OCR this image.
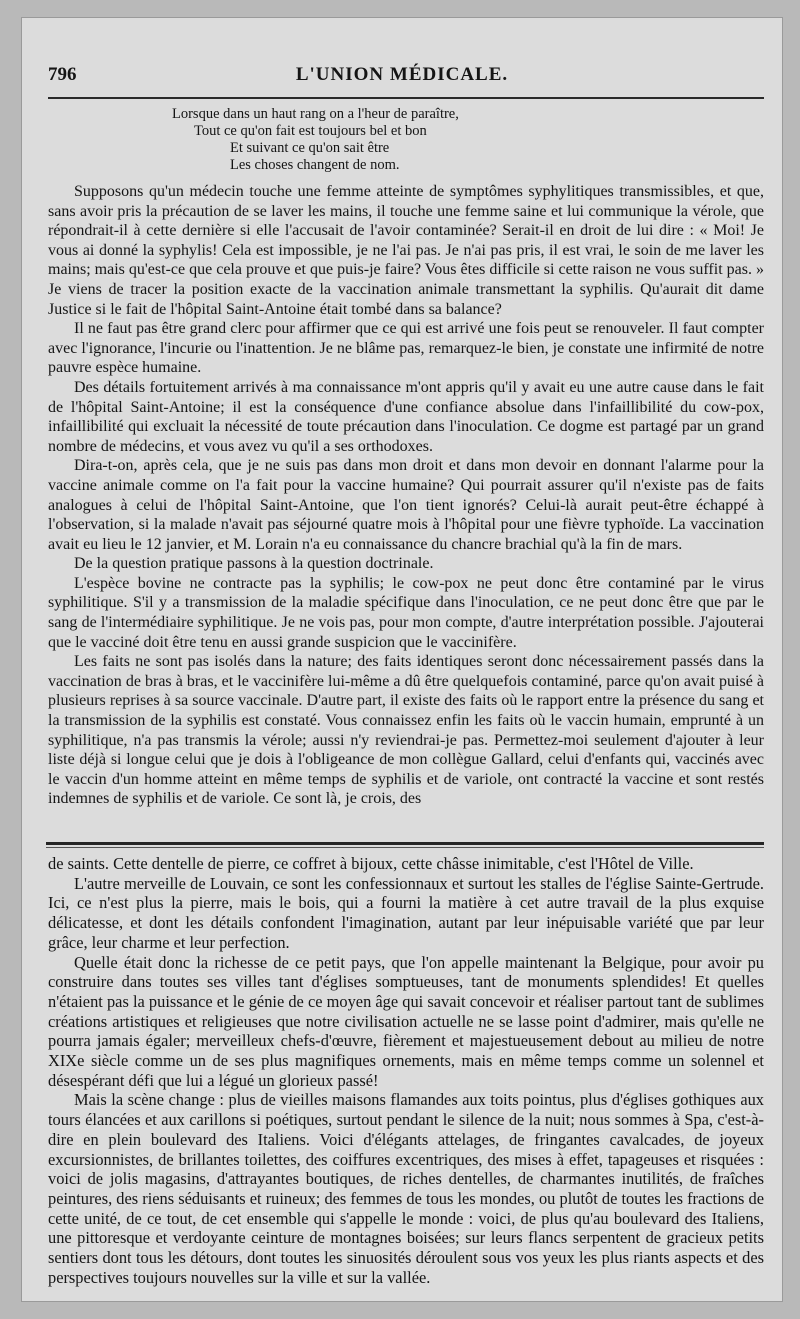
796	L'UNION MÉDICALE.
Lorsque dans un haut rang on a l'heur de paraître,
Tout ce qu'on fait est toujours bel et bon
Et suivant ce qu'on sait être
Les choses changent de nom.

Supposons qu'un médecin touche une femme atteinte de symptômes syphylitiques transmissibles, et que, sans avoir pris la précaution de se laver les mains, il touche une femme saine et lui communique la vérole, que répondrait-il à cette dernière si elle l'accusait de l'avoir contaminée? Serait-il en droit de lui dire : « Moi! Je vous ai donné la syphylis! Cela est impossible, je ne l'ai pas. Je n'ai pas pris, il est vrai, le soin de me laver les mains; mais qu'est-ce que cela prouve et que puis-je faire? Vous êtes difficile si cette raison ne vous suffit pas. » Je viens de tracer la position exacte de la vaccination animale transmettant la syphilis. Qu'aurait dit dame Justice si le fait de l'hôpital Saint-Antoine était tombé dans sa balance?

Il ne faut pas être grand clerc pour affirmer que ce qui est arrivé une fois peut se renouveler. Il faut compter avec l'ignorance, l'incurie ou l'inattention. Je ne blâme pas, remarquez-le bien, je constate une infirmité de notre pauvre espèce humaine.

Des détails fortuitement arrivés à ma connaissance m'ont appris qu'il y avait eu une autre cause dans le fait de l'hôpital Saint-Antoine; il est la conséquence d'une confiance absolue dans l'infaillibilité du cow-pox, infaillibilité qui excluait la nécessité de toute précaution dans l'inoculation. Ce dogme est partagé par un grand nombre de médecins, et vous avez vu qu'il a ses orthodoxes.

Dira-t-on, après cela, que je ne suis pas dans mon droit et dans mon devoir en donnant l'alarme pour la vaccine animale comme on l'a fait pour la vaccine humaine? Qui pourrait assurer qu'il n'existe pas de faits analogues à celui de l'hôpital Saint-Antoine, que l'on tient ignorés? Celui-là aurait peut-être échappé à l'observation, si la malade n'avait pas séjourné quatre mois à l'hôpital pour une fièvre typhoïde. La vaccination avait eu lieu le 12 janvier, et M. Lorain n'a eu connaissance du chancre brachial qu'à la fin de mars.

De la question pratique passons à la question doctrinale.

L'espèce bovine ne contracte pas la syphilis; le cow-pox ne peut donc être contaminé par le virus syphilitique. S'il y a transmission de la maladie spécifique dans l'inoculation, ce ne peut donc être que par le sang de l'intermédiaire syphilitique. Je ne vois pas, pour mon compte, d'autre interprétation possible. J'ajouterai que le vacciné doit être tenu en aussi grande suspicion que le vaccinifère.

Les faits ne sont pas isolés dans la nature; des faits identiques seront donc nécessairement passés dans la vaccination de bras à bras, et le vaccinifère lui-même a dû être quelquefois contaminé, parce qu'on avait puisé à plusieurs reprises à sa source vaccinale. D'autre part, il existe des faits où le rapport entre la présence du sang et la transmission de la syphilis est constaté. Vous connaissez enfin les faits où le vaccin humain, emprunté à un syphilitique, n'a pas transmis la vérole; aussi n'y reviendrai-je pas. Permettez-moi seulement d'ajouter à leur liste déjà si longue celui que je dois à l'obligeance de mon collègue Gallard, celui d'enfants qui, vaccinés avec le vaccin d'un homme atteint en même temps de syphilis et de variole, ont contracté la vaccine et sont restés indemnes de syphilis et de variole. Ce sont là, je crois, des

de saints. Cette dentelle de pierre, ce coffret à bijoux, cette châsse inimitable, c'est l'Hôtel de Ville.

L'autre merveille de Louvain, ce sont les confessionnaux et surtout les stalles de l'église Sainte-Gertrude. Ici, ce n'est plus la pierre, mais le bois, qui a fourni la matière à cet autre travail de la plus exquise délicatesse, et dont les détails confondent l'imagination, autant par leur inépuisable variété que par leur grâce, leur charme et leur perfection.

Quelle était donc la richesse de ce petit pays, que l'on appelle maintenant la Belgique, pour avoir pu construire dans toutes ses villes tant d'églises somptueuses, tant de monuments splendides! Et quelles n'étaient pas la puissance et le génie de ce moyen âge qui savait concevoir et réaliser partout tant de sublimes créations artistiques et religieuses que notre civilisation actuelle ne se lasse point d'admirer, mais qu'elle ne pourra jamais égaler; merveilleux chefs-d'œuvre, fièrement et majestueusement debout au milieu de notre XIXe siècle comme un de ses plus magnifiques ornements, mais en même temps comme un solennel et désespérant défi que lui a légué un glorieux passé!

Mais la scène change : plus de vieilles maisons flamandes aux toits pointus, plus d'églises gothiques aux tours élancées et aux carillons si poétiques, surtout pendant le silence de la nuit; nous sommes à Spa, c'est-à-dire en plein boulevard des Italiens. Voici d'élégants attelages, de fringantes cavalcades, de joyeux excursionnistes, de brillantes toilettes, des coiffures excentriques, des mises à effet, tapageuses et risquées : voici de jolis magasins, d'attrayantes boutiques, de riches dentelles, de charmantes inutilités, de fraîches peintures, des riens séduisants et ruineux; des femmes de tous les mondes, ou plutôt de toutes les fractions de cette unité, de ce tout, de cet ensemble qui s'appelle le monde : voici, de plus qu'au boulevard des Italiens, une pittoresque et verdoyante ceinture de montagnes boisées; sur leurs flancs serpentent de gracieux petits sentiers dont tous les détours, dont toutes les sinuosités déroulent sous vos yeux les plus riants aspects et des perspectives toujours nouvelles sur la ville et sur la vallée.
